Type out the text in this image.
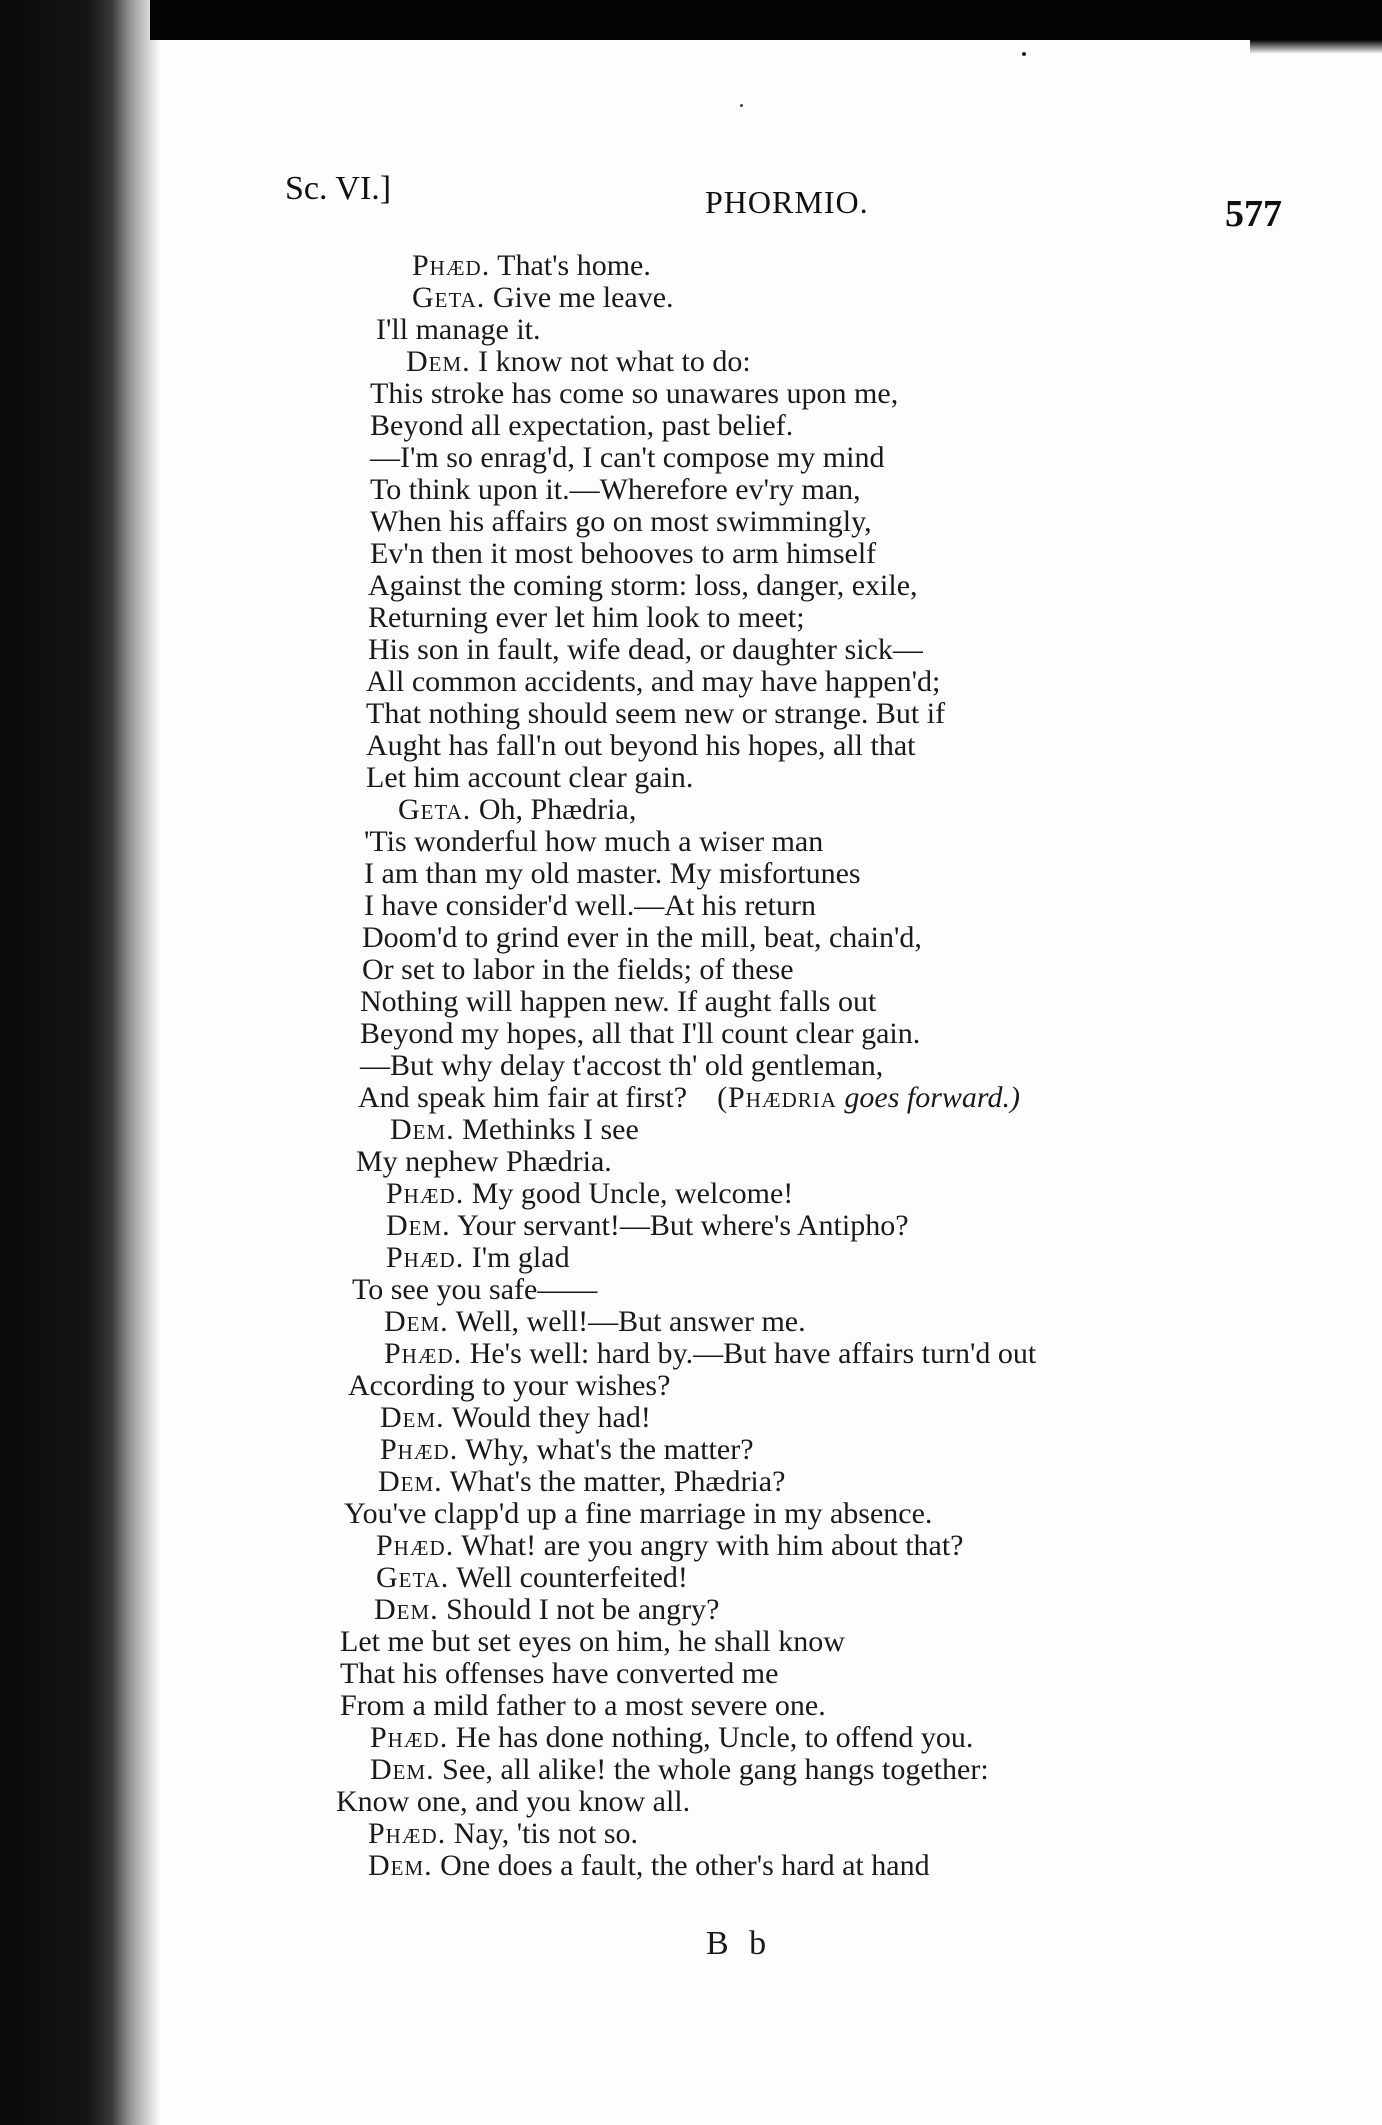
Sc. VI.]	PHORMIO.	577
Phæd. That's home.
Geta. Give me leave.
I'll manage it.
Dem. I know not what to do:
This stroke has come so unawares upon me,
Beyond all expectation, past belief.
—I'm so enrag'd, I can't compose my mind
To think upon it.—Wherefore ev'ry man,
When his affairs go on most swimmingly,
Ev'n then it most behooves to arm himself
Against the coming storm: loss, danger, exile,
Returning ever let him look to meet;
His son in fault, wife dead, or daughter sick—
All common accidents, and may have happen'd;
That nothing should seem new or strange. But if
Aught has fall'n out beyond his hopes, all that
Let him account clear gain.
Geta. Oh, Phædria,
'Tis wonderful how much a wiser man
I am than my old master. My misfortunes
I have consider'd well.—At his return
Doom'd to grind ever in the mill, beat, chain'd,
Or set to labor in the fields; of these
Nothing will happen new. If aught falls out
Beyond my hopes, all that I'll count clear gain.
—But why delay t'accost th' old gentleman,
And speak him fair at first? (Phædria goes forward.)
Dem. Methinks I see
My nephew Phædria.
Phæd. My good Uncle, welcome!
Dem. Your servant!—But where's Antipho?
Phæd. I'm glad
To see you safe——
Dem. Well, well!—But answer me.
Phæd. He's well: hard by.—But have affairs turn'd out
According to your wishes?
Dem. Would they had!
Phæd. Why, what's the matter?
Dem. What's the matter, Phædria?
You've clapp'd up a fine marriage in my absence.
Phæd. What! are you angry with him about that?
Geta. Well counterfeited!
Dem. Should I not be angry?
Let me but set eyes on him, he shall know
That his offenses have converted me
From a mild father to a most severe one.
Phæd. He has done nothing, Uncle, to offend you.
Dem. See, all alike! the whole gang hangs together:
Know one, and you know all.
Phæd. Nay, 'tis not so.
Dem. One does a fault, the other's hard at hand
B b
